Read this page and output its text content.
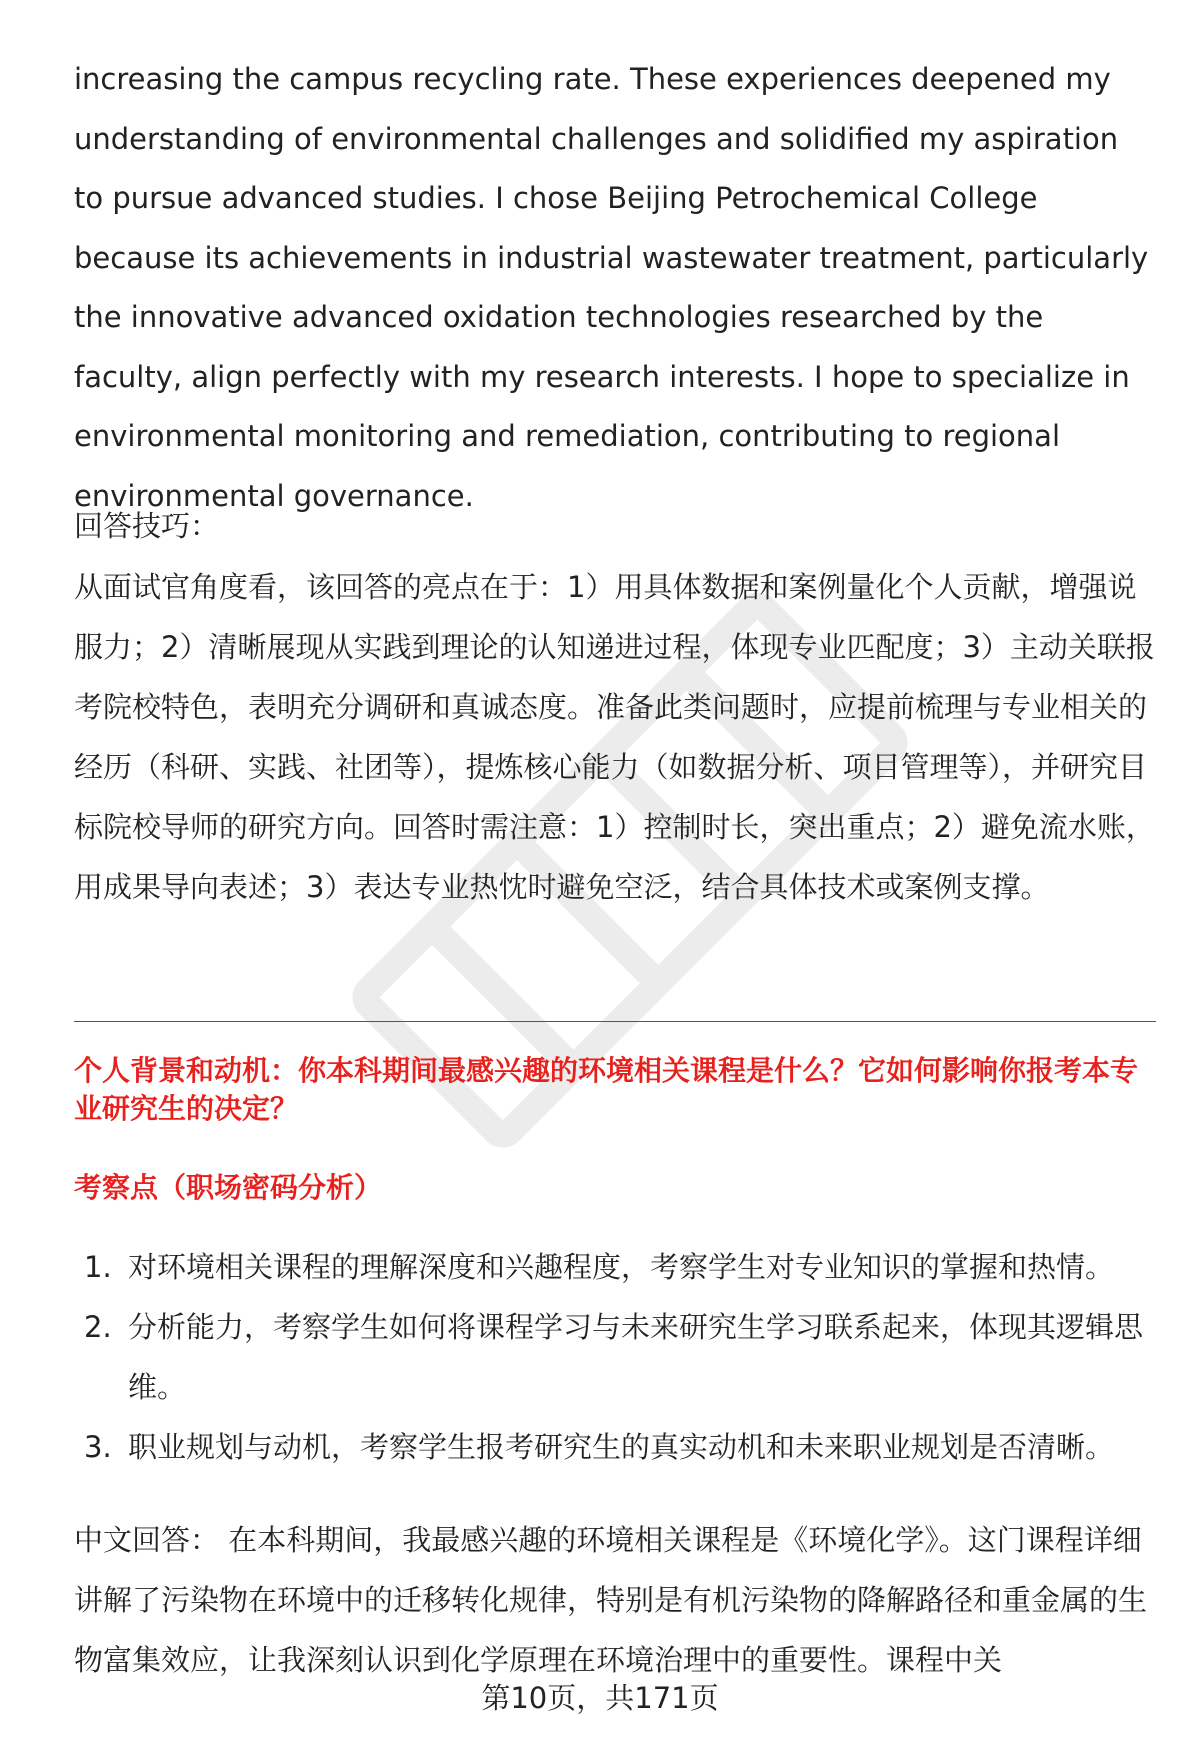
increasing the campus recycling rate. These experiences deepened my understanding of environmental challenges and solidified my aspiration to pursue advanced studies. I chose Beijing Petrochemical College because its achievements in industrial wastewater treatment, particularly the innovative advanced oxidation technologies researched by the faculty, align perfectly with my research interests. I hope to specialize in environmental monitoring and remediation, contributing to regional environmental governance.

回答技巧：

从面试官角度看，该回答的亮点在于：1）用具体数据和案例量化个人贡献，增强说服力；2）清晰展现从实践到理论的认知递进过程，体现专业匹配度；3）主动关联报考院校特色，表明充分调研和真诚态度。准备此类问题时，应提前梳理与专业相关的经历（科研、实践、社团等），提炼核心能力（如数据分析、项目管理等），并研究目标院校导师的研究方向。回答时需注意：1）控制时长，突出重点；2）避免流水账，用成果导向表述；3）表达专业热忱时避免空泛，结合具体技术或案例支撑。

个人背景和动机：你本科期间最感兴趣的环境相关课程是什么？它如何影响你报考本专业研究生的决定？

考察点（职场密码分析）

1. 对环境相关课程的理解深度和兴趣程度，考察学生对专业知识的掌握和热情。
2. 分析能力，考察学生如何将课程学习与未来研究生学习联系起来，体现其逻辑思维。
3. 职业规划与动机，考察学生报考研究生的真实动机和未来职业规划是否清晰。

中文回答： 在本科期间，我最感兴趣的环境相关课程是《环境化学》。这门课程详细讲解了污染物在环境中的迁移转化规律，特别是有机污染物的降解路径和重金属的生物富集效应，让我深刻认识到化学原理在环境治理中的重要性。课程中关

第10页，共171页
